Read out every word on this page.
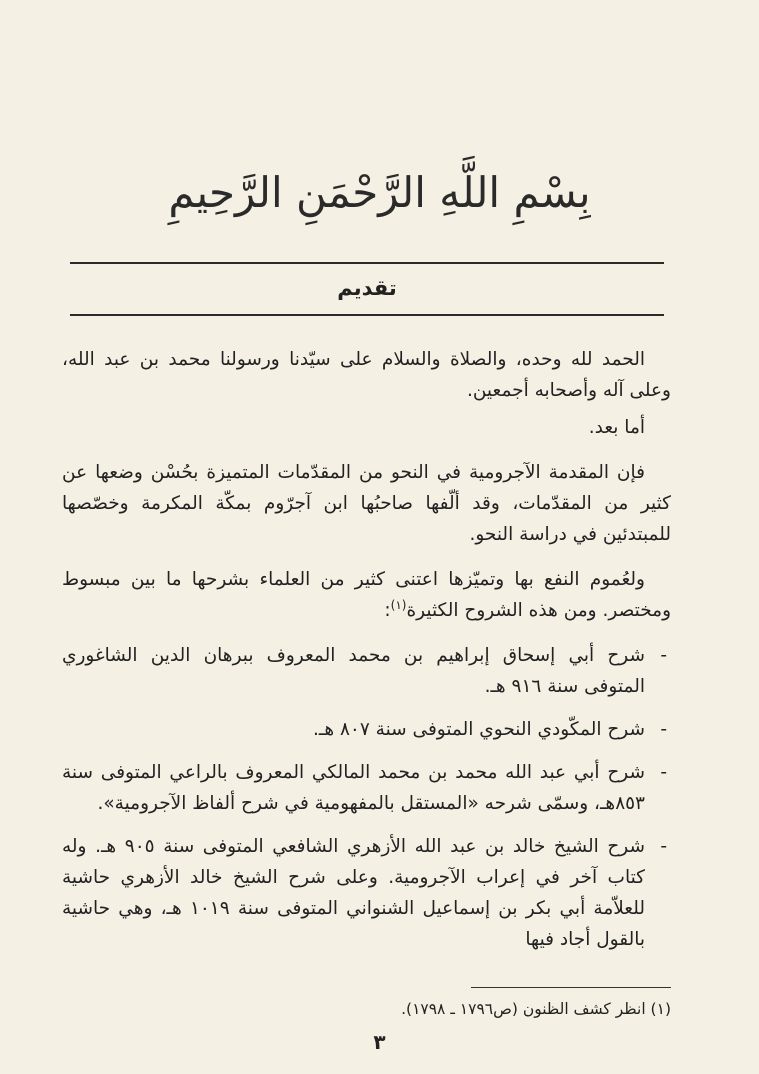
بِسْمِ اللَّهِ الرَّحْمَنِ الرَّحِيمِ
تقديم

الحمد لله وحده، والصلاة والسلام على سيّدنا ورسولنا محمد بن عبد الله، وعلى آله وأصحابه أجمعين.

أما بعد.

فإن المقدمة الآجرومية في النحو من المقدّمات المتميزة بحُسْن وضعها عن كثير من المقدّمات، وقد ألّفها صاحبُها ابن آجرّوم بمكّة المكرمة وخصّصها للمبتدئين في دراسة النحو.

ولعُموم النفع بها وتميّزها اعتنى كثير من العلماء بشرحها ما بين مبسوط ومختصر. ومن هذه الشروح الكثيرة$^{(١)}$:

-
شرح أبي إسحاق إبراهيم بن محمد المعروف ببرهان الدين الشاغوري المتوفى سنة ٩١٦ هـ.
-
شرح المكّودي النحوي المتوفى سنة ٨٠٧ هـ.
-
شرح أبي عبد الله محمد بن محمد المالكي المعروف بالراعي المتوفى سنة ٨٥٣هـ، وسمّى شرحه «المستقل بالمفهومية في شرح ألفاظ الآجرومية».
-
شرح الشيخ خالد بن عبد الله الأزهري الشافعي المتوفى سنة ٩٠٥ هـ. وله كتاب آخر في إعراب الآجرومية. وعلى شرح الشيخ خالد الأزهري حاشية للعلاّمة أبي بكر بن إسماعيل الشنواني المتوفى سنة ١٠١٩ هـ، وهي حاشية بالقول أجاد فيها
(١) انظر كشف الظنون (ص١٧٩٦ ـ ١٧٩٨).
٣
